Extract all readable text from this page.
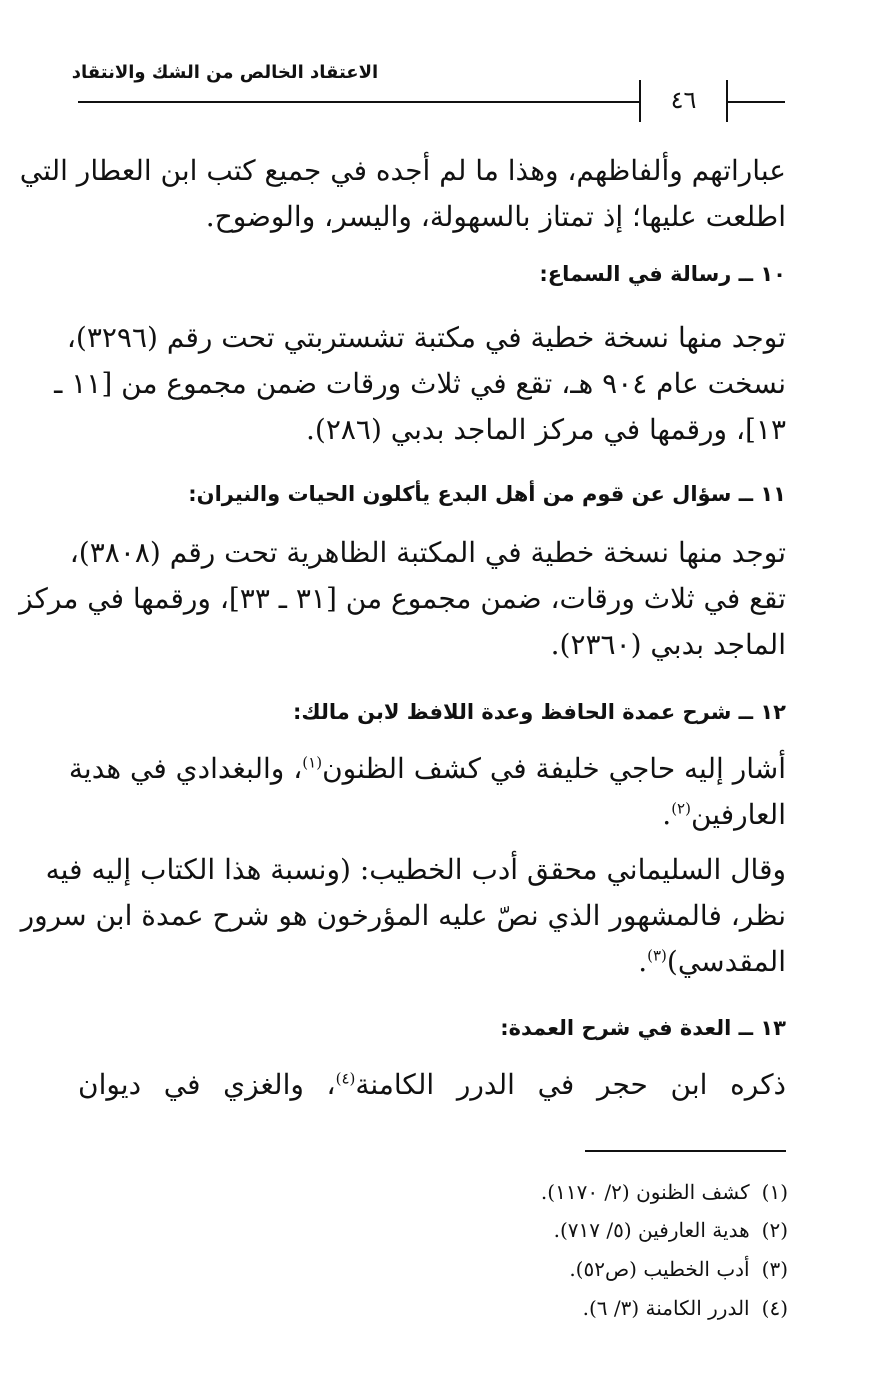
الاعتقاد الخالص من الشك والانتقاد
٤٦
عباراتهم وألفاظهم، وهذا ما لم أجده في جميع كتب ابن العطار التي
اطلعت عليها؛ إذ تمتاز بالسهولة، واليسر، والوضوح.
١٠ ــ رسالة في السماع:
توجد منها نسخة خطية في مكتبة تشستربتي تحت رقم (٣٢٩٦)،
نسخت عام ٩٠٤ هـ، تقع في ثلاث ورقات ضمن مجموع من [١١ ـ
١٣]، ورقمها في مركز الماجد بدبي (٢٨٦).
١١ ــ سؤال عن قوم من أهل البدع يأكلون الحيات والنيران:
توجد منها نسخة خطية في المكتبة الظاهرية تحت رقم (٣٨٠٨)،
تقع في ثلاث ورقات، ضمن مجموع من [٣١ ـ ٣٣]، ورقمها في مركز
الماجد بدبي (٢٣٦٠).
١٢ ــ شرح عمدة الحافظ وعدة اللافظ لابن مالك:
أشار إليه حاجي خليفة في كشف الظنون$^{(١)}$، والبغدادي في هدية
العارفين$^{(٢)}$.
وقال السليماني محقق أدب الخطيب: (ونسبة هذا الكتاب إليه فيه
نظر، فالمشهور الذي نصّ عليه المؤرخون هو شرح عمدة ابن سرور
المقدسي)$^{(٣)}$.
١٣ ــ العدة في شرح العمدة:
ذكره ابن حجر في الدرر الكامنة$^{(٤)}$، والغزي في ديوان
(١)كشف الظنون (٢/ ١١٧٠).
(٢)هدية العارفين (٥/ ٧١٧).
(٣)أدب الخطيب (ص٥٢).
(٤)الدرر الكامنة (٣/ ٦).
